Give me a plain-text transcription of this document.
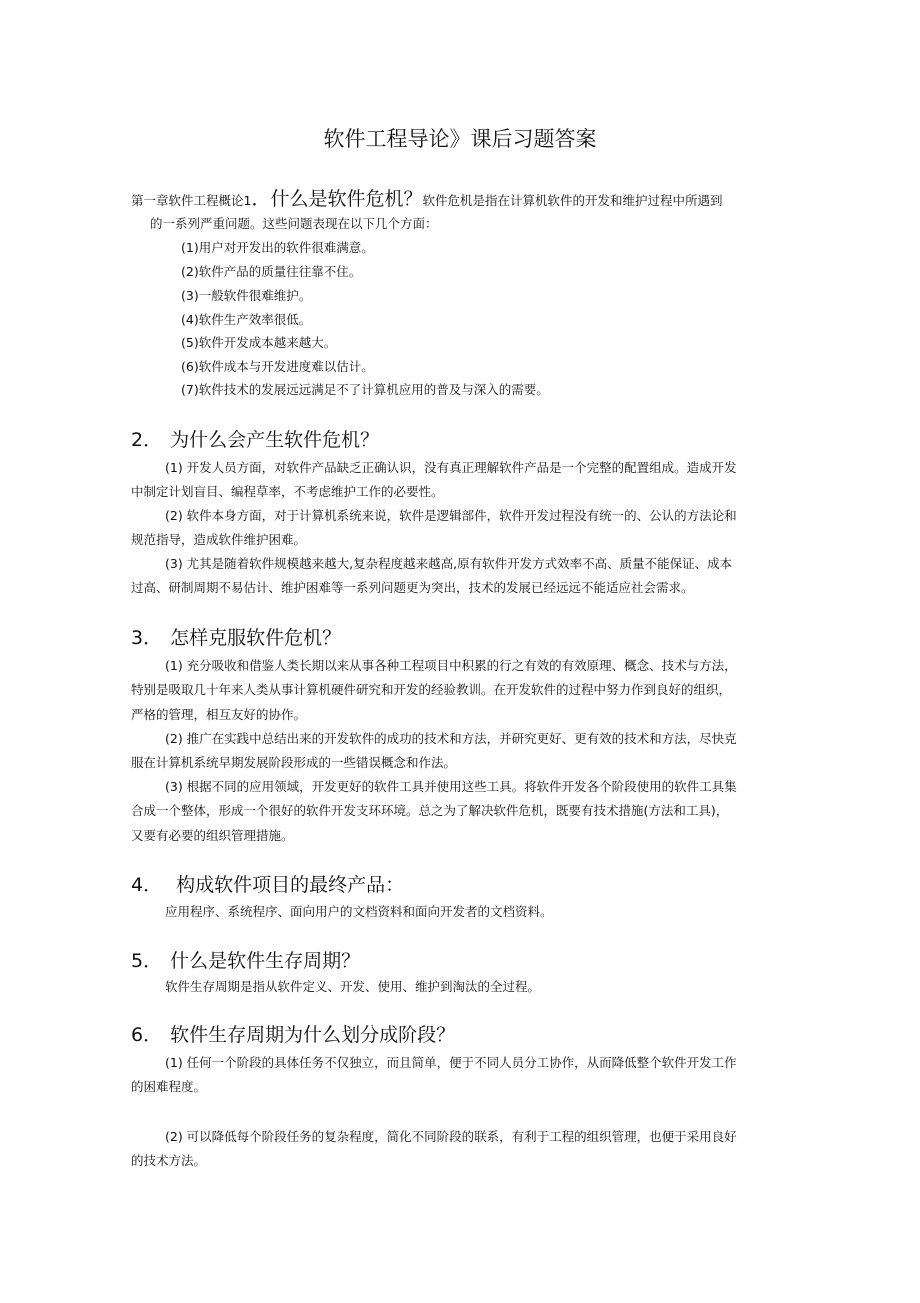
软件工程导论》课后习题答案
第一章软件工程概论1．什么是软件危机？软件危机是指在计算机软件的开发和维护过程中所遇到
的一系列严重问题。这些问题表现在以下几个方面：
(1)用户对开发出的软件很难满意。
(2)软件产品的质量往往靠不住。
(3)一般软件很难维护。
(4)软件生产效率很低。
(5)软件开发成本越来越大。
(6)软件成本与开发进度难以估计。
(7)软件技术的发展远远满足不了计算机应用的普及与深入的需要。
2． 为什么会产生软件危机？
(1) 开发人员方面，对软件产品缺乏正确认识，没有真正理解软件产品是一个完整的配置组成。造成开发
中制定计划盲目、编程草率，不考虑维护工作的必要性。
(2) 软件本身方面，对于计算机系统来说，软件是逻辑部件，软件开发过程没有统一的、公认的方法论和
规范指导，造成软件维护困难。
(3) 尤其是随着软件规模越来越大,复杂程度越来越高,原有软件开发方式效率不高、质量不能保证、成本
过高、研制周期不易估计、维护困难等一系列问题更为突出，技术的发展已经远远不能适应社会需求。
3． 怎样克服软件危机？
(1) 充分吸收和借鉴人类长期以来从事各种工程项目中积累的行之有效的有效原理、概念、技术与方法，
特别是吸取几十年来人类从事计算机硬件研究和开发的经验教训。在开发软件的过程中努力作到良好的组织，
严格的管理，相互友好的协作。
(2) 推广在实践中总结出来的开发软件的成功的技术和方法，并研究更好、更有效的技术和方法，尽快克
服在计算机系统早期发展阶段形成的一些错误概念和作法。
(3) 根据不同的应用领域，开发更好的软件工具并使用这些工具。将软件开发各个阶段使用的软件工具集
合成一个整体，形成一个很好的软件开发支环环境。总之为了解决软件危机，既要有技术措施(方法和工具)，
又要有必要的组织管理措施。
4． 构成软件项目的最终产品：
应用程序、系统程序、面向用户的文档资料和面向开发者的文档资料。
5． 什么是软件生存周期？
软件生存周期是指从软件定义、开发、使用、维护到淘汰的全过程。
6． 软件生存周期为什么划分成阶段？
(1) 任何一个阶段的具体任务不仅独立，而且简单，便于不同人员分工协作，从而降低整个软件开发工作
的困难程度。
(2) 可以降低每个阶段任务的复杂程度，简化不同阶段的联系，有利于工程的组织管理，也便于采用良好
的技术方法。
